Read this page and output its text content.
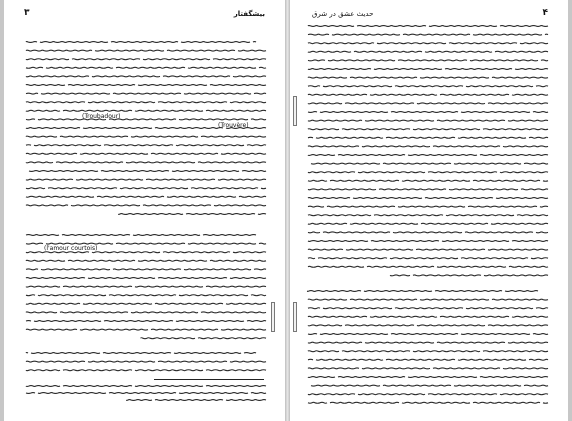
۳	بیشگفتار
(Troubadour)
(Trouvère)
(l'amour courtois)
۴
حدیث عشق در شرق
